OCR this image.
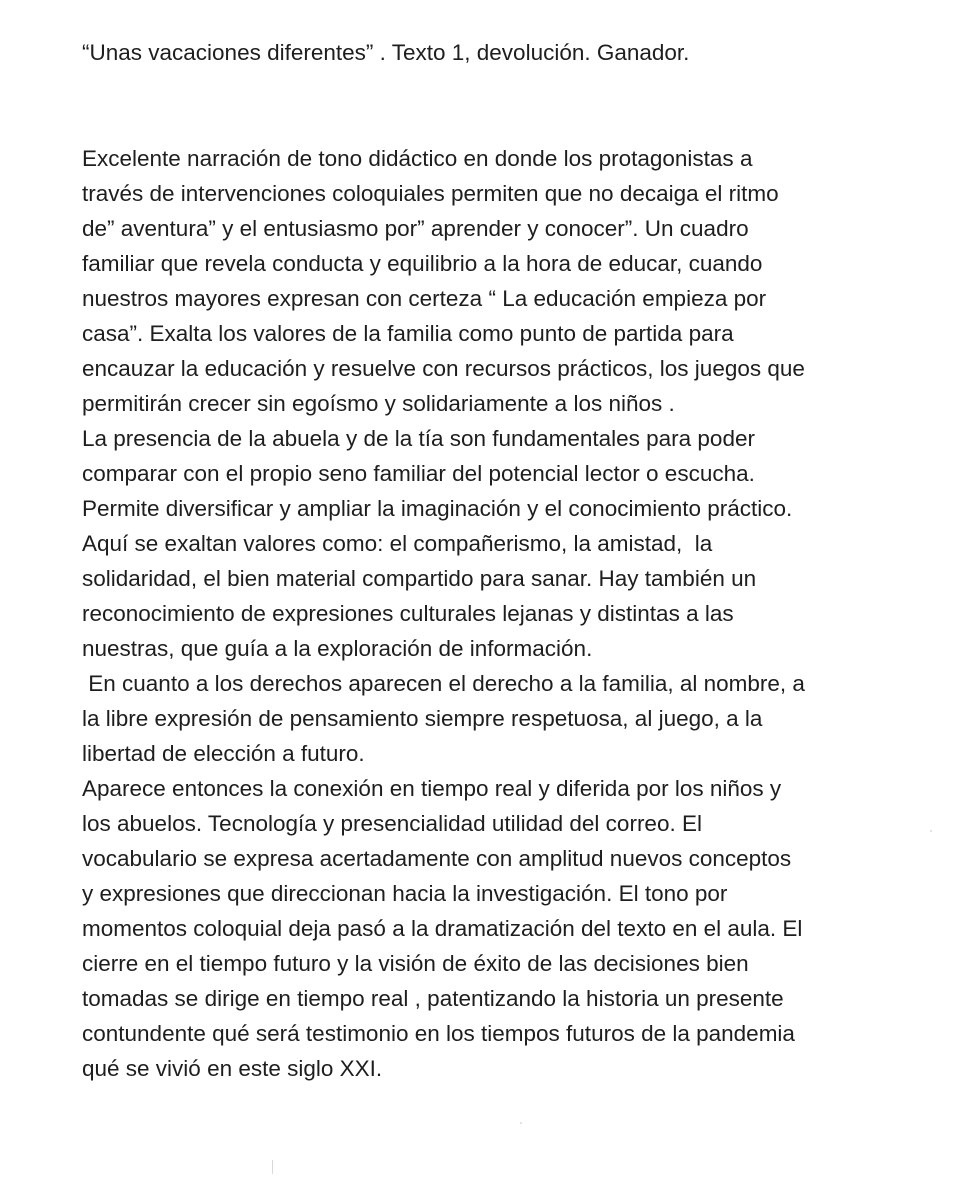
“Unas vacaciones diferentes” . Texto 1, devolución. Ganador.
Excelente narración de tono didáctico en donde los protagonistas a
través de intervenciones coloquiales permiten que no decaiga el ritmo
de” aventura” y el entusiasmo por” aprender y conocer”. Un cuadro
familiar que revela conducta y equilibrio a la hora de educar, cuando
nuestros mayores expresan con certeza “ La educación empieza por
casa”. Exalta los valores de la familia como punto de partida para
encauzar la educación y resuelve con recursos prácticos, los juegos que
permitirán crecer sin egoísmo y solidariamente a los niños .
La presencia de la abuela y de la tía son fundamentales para poder
comparar con el propio seno familiar del potencial lector o escucha.
Permite diversificar y ampliar la imaginación y el conocimiento práctico.
Aquí se exaltan valores como: el compañerismo, la amistad,  la
solidaridad, el bien material compartido para sanar. Hay también un
reconocimiento de expresiones culturales lejanas y distintas a las
nuestras, que guía a la exploración de información.
En cuanto a los derechos aparecen el derecho a la familia, al nombre, a
la libre expresión de pensamiento siempre respetuosa, al juego, a la
libertad de elección a futuro.
Aparece entonces la conexión en tiempo real y diferida por los niños y
los abuelos. Tecnología y presencialidad utilidad del correo. El
vocabulario se expresa acertadamente con amplitud nuevos conceptos
y expresiones que direccionan hacia la investigación. El tono por
momentos coloquial deja pasó a la dramatización del texto en el aula. El
cierre en el tiempo futuro y la visión de éxito de las decisiones bien
tomadas se dirige en tiempo real , patentizando la historia un presente
contundente qué será testimonio en los tiempos futuros de la pandemia
qué se vivió en este siglo XXI.
